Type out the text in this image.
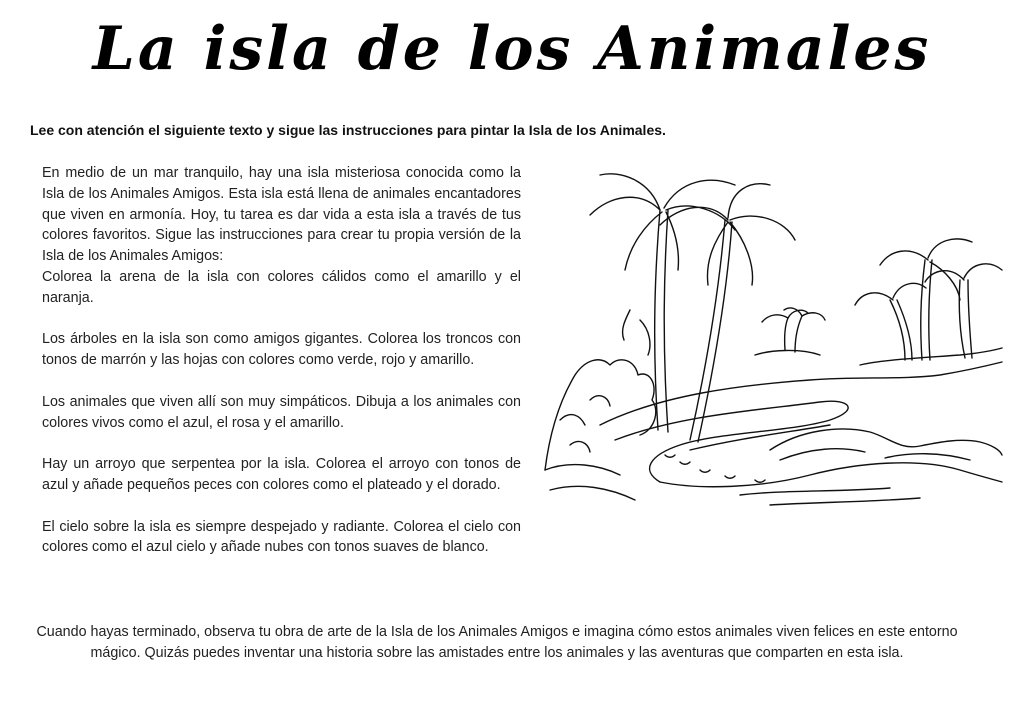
La isla de los Animales
Lee con atención el siguiente texto y sigue las instrucciones para pintar la Isla de los Animales.

En medio de un mar tranquilo, hay una isla misteriosa conocida como la Isla de los Animales Amigos. Esta isla está llena de animales encantadores que viven en armonía. Hoy, tu tarea es dar vida a esta isla a través de tus colores favoritos. Sigue las instrucciones para crear tu propia versión de la Isla de los Animales Amigos:
Colorea la arena de la isla con colores cálidos como el amarillo y el naranja.

Los árboles en la isla son como amigos gigantes. Colorea los troncos con tonos de marrón y las hojas con colores como verde, rojo y amarillo.

Los animales que viven allí son muy simpáticos. Dibuja a los animales con colores vivos como el azul, el rosa y el amarillo.

Hay un arroyo que serpentea por la isla. Colorea el arroyo con tonos de azul y añade pequeños peces con colores como el plateado y el dorado.

El cielo sobre la isla es siempre despejado y radiante. Colorea el cielo con colores como el azul cielo y añade nubes con tonos suaves de blanco.

Cuando hayas terminado, observa tu obra de arte de la Isla de los Animales Amigos e imagina cómo estos animales viven felices en este entorno mágico. Quizás puedes inventar una historia sobre las amistades entre los animales y las aventuras que comparten en esta isla.
